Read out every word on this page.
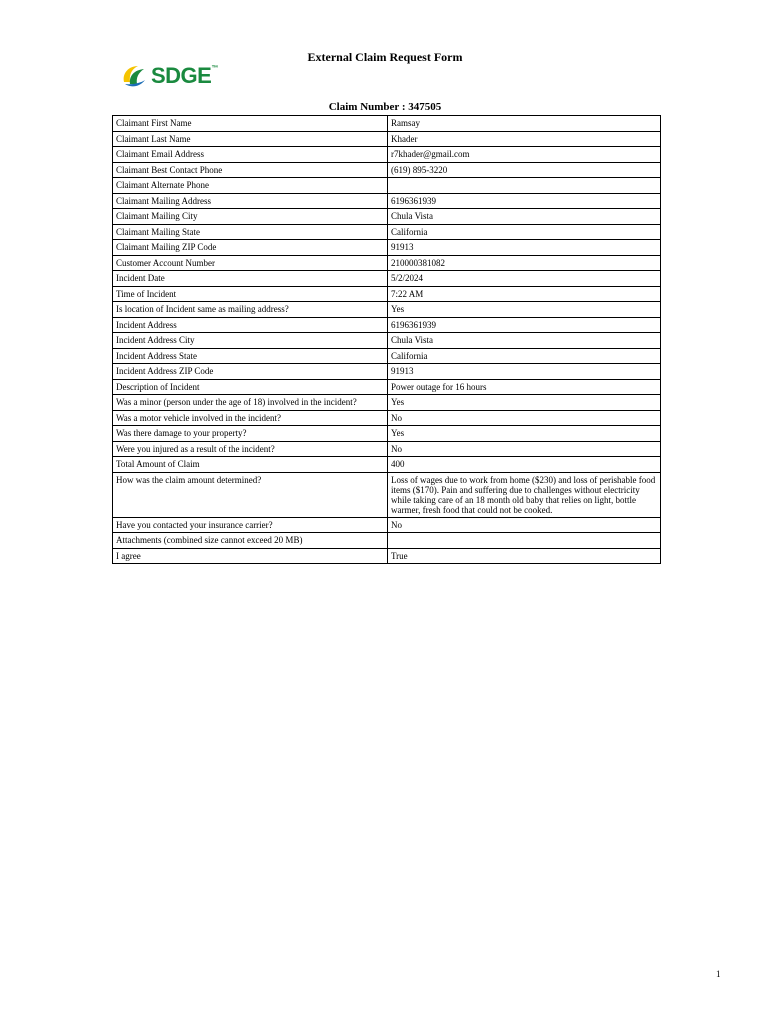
External Claim Request Form
SDGE™
Claim Number : 347505
Claimant First Name	Ramsay
Claimant Last Name	Khader
Claimant Email Address	r7khader@gmail.com
Claimant Best Contact Phone	(619) 895-3220
Claimant Alternate Phone	
Claimant Mailing Address	6196361939
Claimant Mailing City	Chula Vista
Claimant Mailing State	California
Claimant Mailing ZIP Code	91913
Customer Account Number	210000381082
Incident Date	5/2/2024
Time of Incident	7:22 AM
Is location of Incident same as mailing address?	Yes
Incident Address	6196361939
Incident Address City	Chula Vista
Incident Address State	California
Incident Address ZIP Code	91913
Description of Incident	Power outage for 16 hours
Was a minor (person under the age of 18) involved in the incident?	Yes
Was a motor vehicle involved in the incident?	No
Was there damage to your property?	Yes
Were you injured as a result of the incident?	No
Total Amount of Claim	400
How was the claim amount determined?	Loss of wages due to work from home ($230) and loss of perishable food items ($170). Pain and suffering due to challenges without electricity while taking care of an 18 month old baby that relies on light, bottle warmer, fresh food that could not be cooked.
Have you contacted your insurance carrier?	No
Attachments (combined size cannot exceed 20 MB)	
I agree	True
1
